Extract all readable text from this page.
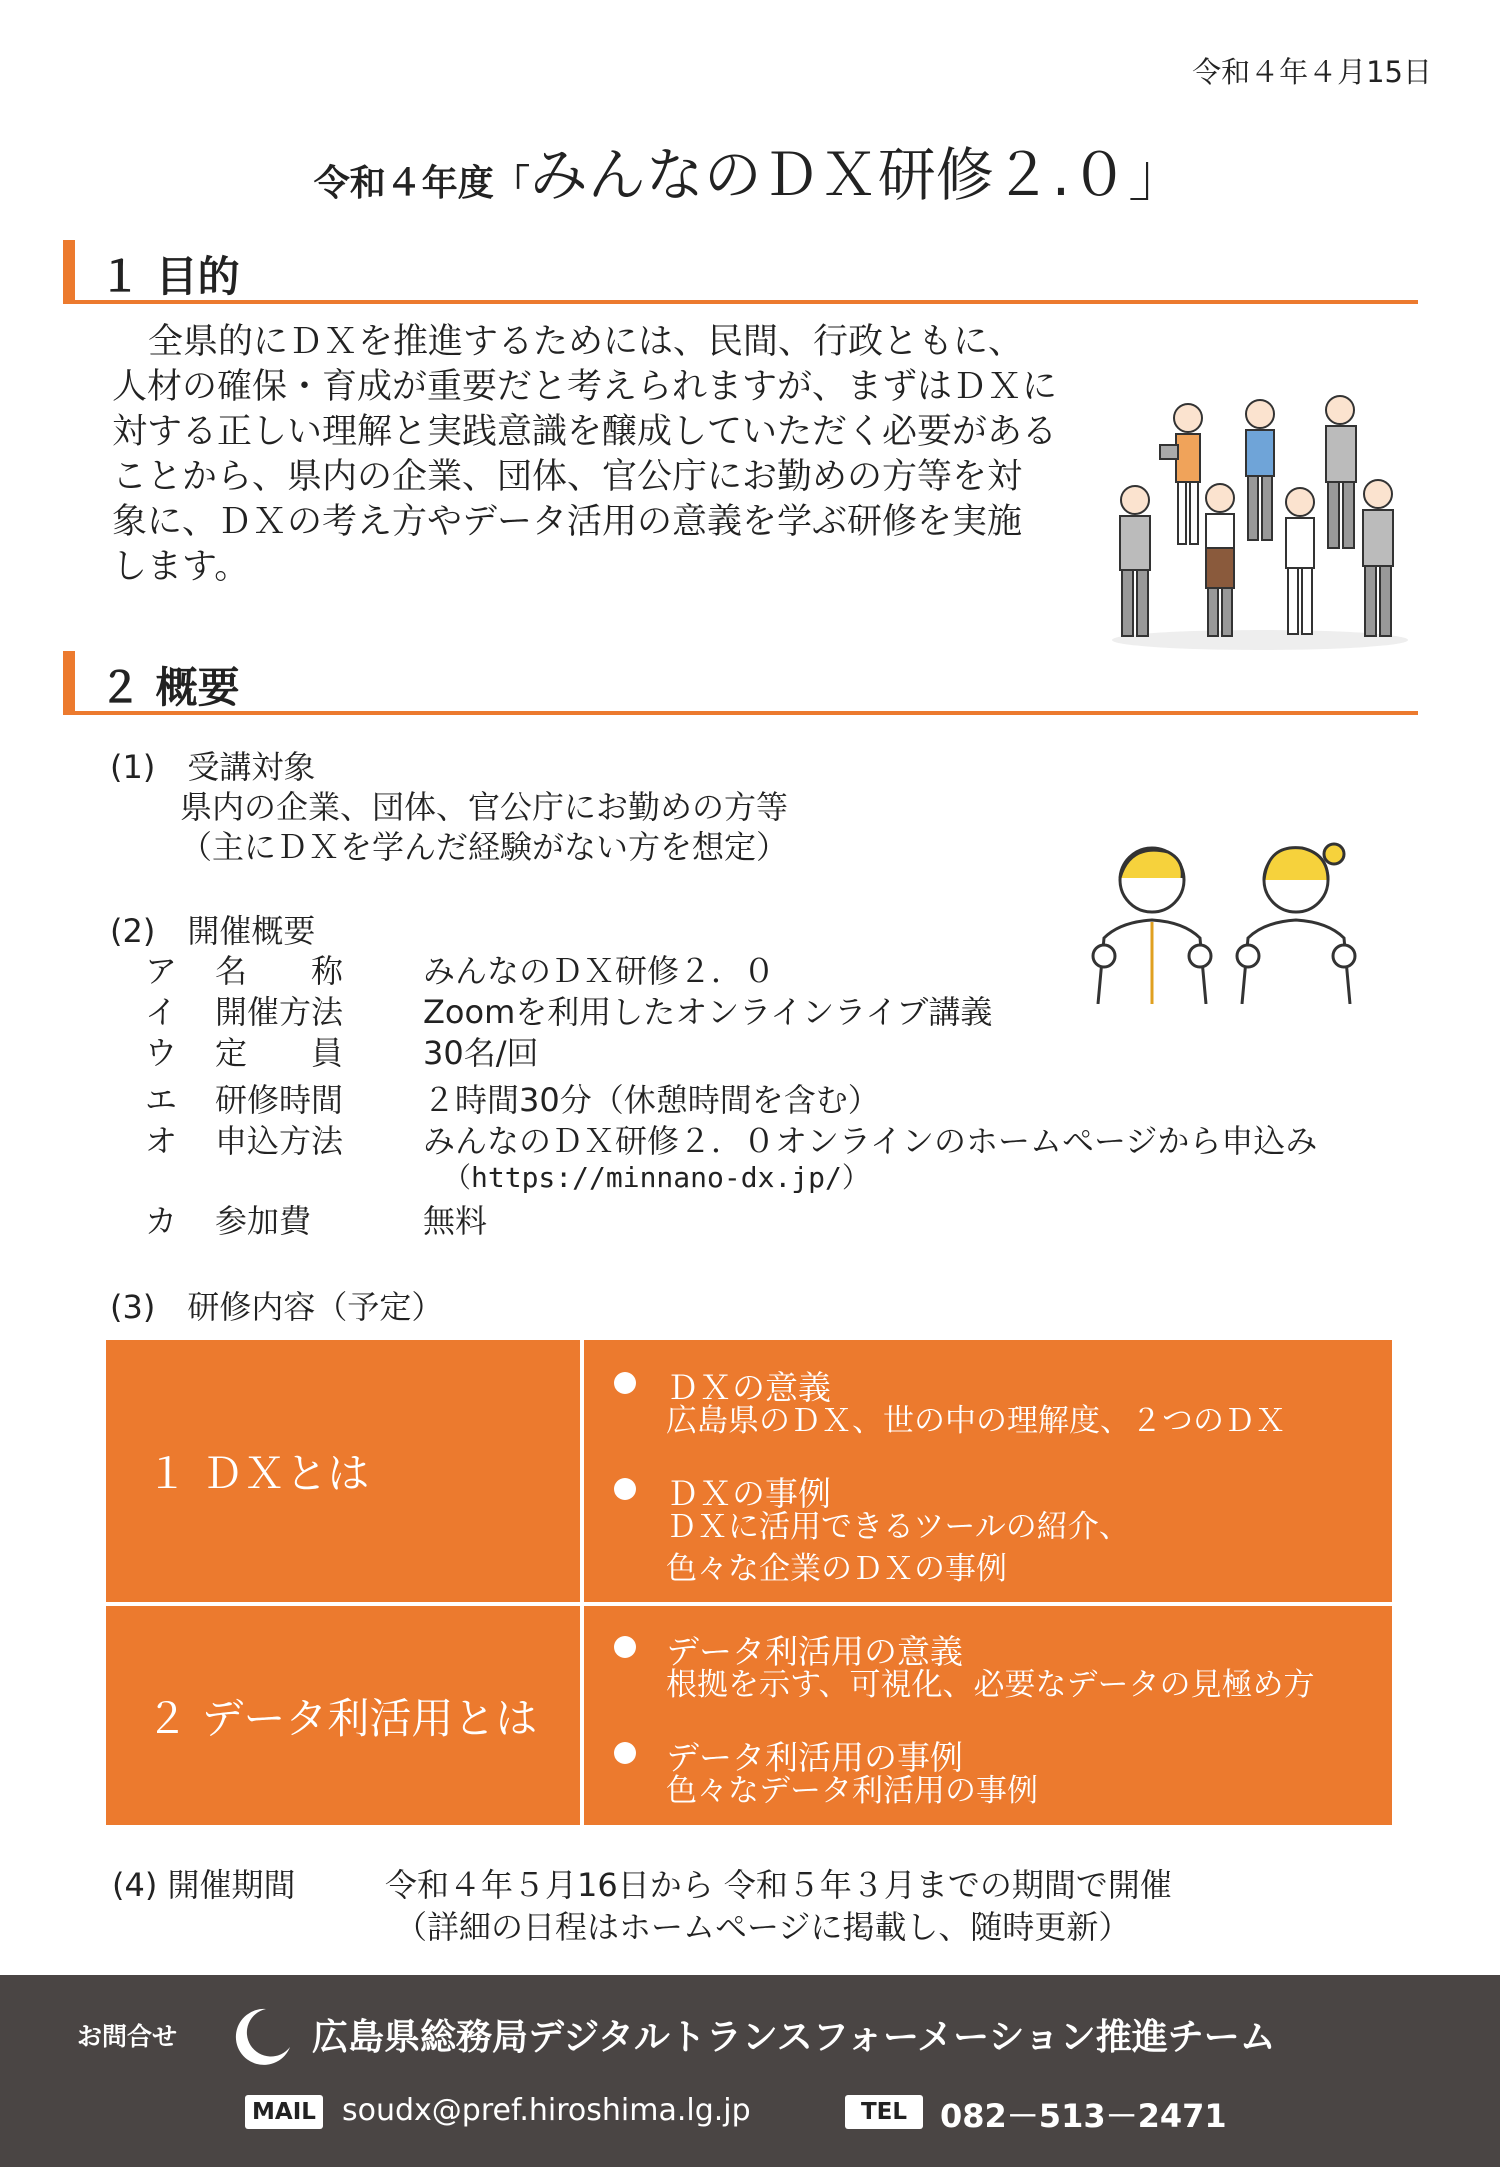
令和４年４月15日
令和４年度「みんなのＤＸ研修２.０」
１ 目的

全県的にＤＸを推進するためには、民間、行政ともに、

人材の確保・育成が重要だと考えられますが、まずはＤＸに

対する正しい理解と実践意識を醸成していただく必要がある

ことから、県内の企業、団体、官公庁にお勤めの方等を対

象に、ＤＸの考え方やデータ活用の意義を学ぶ研修を実施

します。

２ 概要
(1)　受講対象
県内の企業、団体、官公庁にお勤めの方等
（主にＤＸを学んだ経験がない方を想定）
(2)　開催概要
ア 名　　称 みんなのＤＸ研修２．０
イ 開催方法 Zoomを利用したオンラインライブ講義
ウ 定　　員 30名/回
エ 研修時間 ２時間30分（休憩時間を含む）
オ 申込方法 みんなのＤＸ研修２．０オンラインのホームページから申込み
（https://minnano-dx.jp/）
カ 参加費	無料
(3)　研修内容（予定）
１ ＤＸとは
ＤＸの意義
広島県のＤＸ、世の中の理解度、２つのＤＸ
ＤＸの事例
ＤＸに活用できるツールの紹介、
色々な企業のＤＸの事例
２ データ利活用とは
データ利活用の意義
根拠を示す、可視化、必要なデータの見極め方
データ利活用の事例
色々なデータ利活用の事例
(4) 開催期間	令和４年５月16日から 令和５年３月までの期間で開催
（詳細の日程はホームページに掲載し、随時更新）
お問合せ	広島県総務局デジタルトランスフォーメーション推進チーム
MAIL soudx@pref.hiroshima.lg.jp	TEL	082－513－2471
